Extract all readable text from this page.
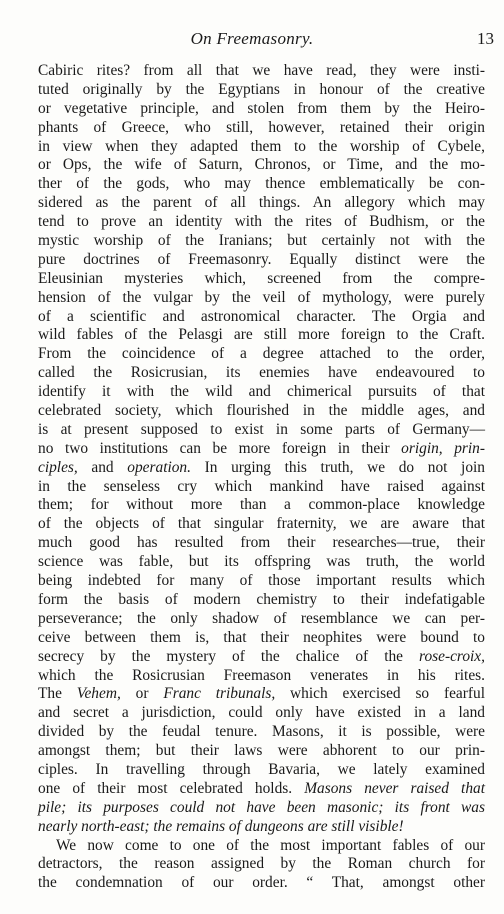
On Freemasonry.	13
Cabiric rites? from all that we have read, they were insti-
tuted originally by the Egyptians in honour of the creative
or vegetative principle, and stolen from them by the Heiro-
phants of Greece, who still, however, retained their origin
in view when they adapted them to the worship of Cybele,
or Ops, the wife of Saturn, Chronos, or Time, and the mo-
ther of the gods, who may thence emblematically be con-
sidered as the parent of all things. An allegory which may
tend to prove an identity with the rites of Budhism, or the
mystic worship of the Iranians; but certainly not with the
pure doctrines of Freemasonry. Equally distinct were the
Eleusinian mysteries which, screened from the compre-
hension of the vulgar by the veil of mythology, were purely
of a scientific and astronomical character. The Orgia and
wild fables of the Pelasgi are still more foreign to the Craft.
From the coincidence of a degree attached to the order,
called the Rosicrusian, its enemies have endeavoured to
identify it with the wild and chimerical pursuits of that
celebrated society, which flourished in the middle ages, and
is at present supposed to exist in some parts of Germany—
no two institutions can be more foreign in their origin, prin-
ciples, and operation. In urging this truth, we do not join
in the senseless cry which mankind have raised against
them; for without more than a common-place knowledge
of the objects of that singular fraternity, we are aware that
much good has resulted from their researches—true, their
science was fable, but its offspring was truth, the world
being indebted for many of those important results which
form the basis of modern chemistry to their indefatigable
perseverance; the only shadow of resemblance we can per-
ceive between them is, that their neophites were bound to
secrecy by the mystery of the chalice of the rose-croix,
which the Rosicrusian Freemason venerates in his rites.
The Vehem, or Franc tribunals, which exercised so fearful
and secret a jurisdiction, could only have existed in a land
divided by the feudal tenure. Masons, it is possible, were
amongst them; but their laws were abhorent to our prin-
ciples. In travelling through Bavaria, we lately examined
one of their most celebrated holds. Masons never raised that
pile; its purposes could not have been masonic; its front was
nearly north-east; the remains of dungeons are still visible!
We now come to one of the most important fables of our
detractors, the reason assigned by the Roman church for
the condemnation of our order. “ That, amongst other
